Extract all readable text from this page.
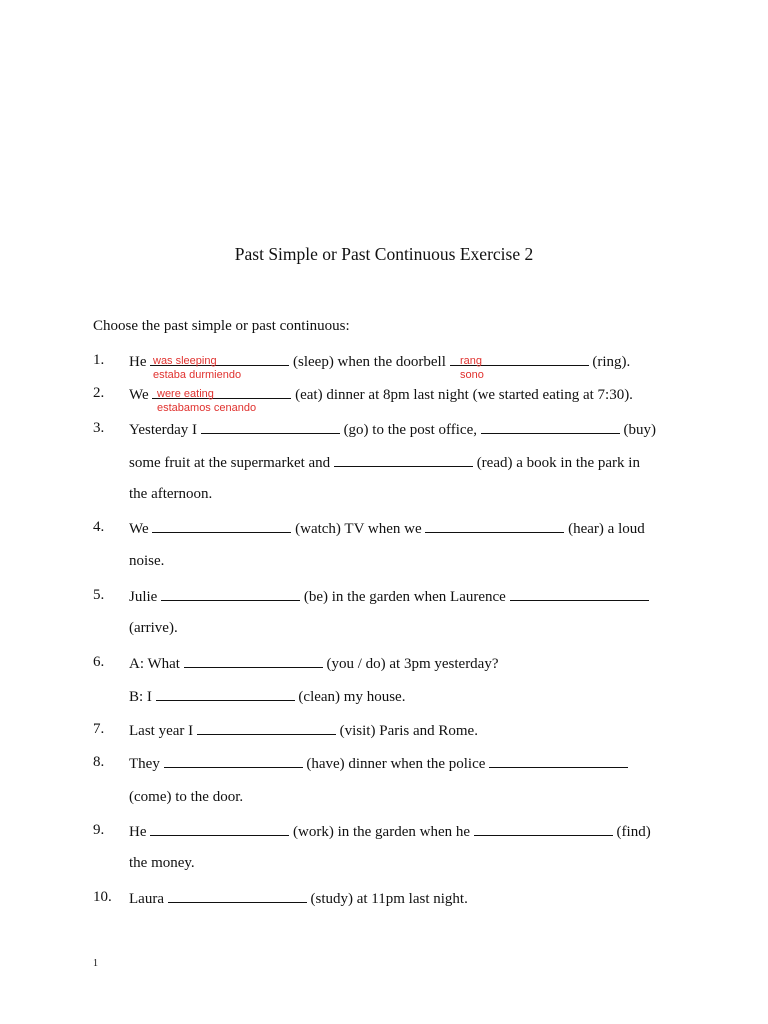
Past Simple or Past Continuous Exercise 2
Choose the past simple or past continuous:
1. He	(sleep) when the doorbell	(ring).
was sleeping
estaba durmiendo
rang
sono
2. We	(eat) dinner at 8pm last night (we started eating at 7:30).
were eating
estabamos cenando
3. Yesterday I	(go) to the post office,	(buy)
some fruit at the supermarket and	(read) a book in the park in
the afternoon.
4. We	(watch) TV when we	(hear) a loud
noise.
5. Julie	(be) in the garden when Laurence
(arrive).
6. A: What	(you / do) at 3pm yesterday?
B: I	(clean) my house.
7. Last year I	(visit) Paris and Rome.
8. They	(have) dinner when the police
(come) to the door.
9. He	(work) in the garden when he	(find)
the money.
10. Laura	(study) at 11pm last night.
1
